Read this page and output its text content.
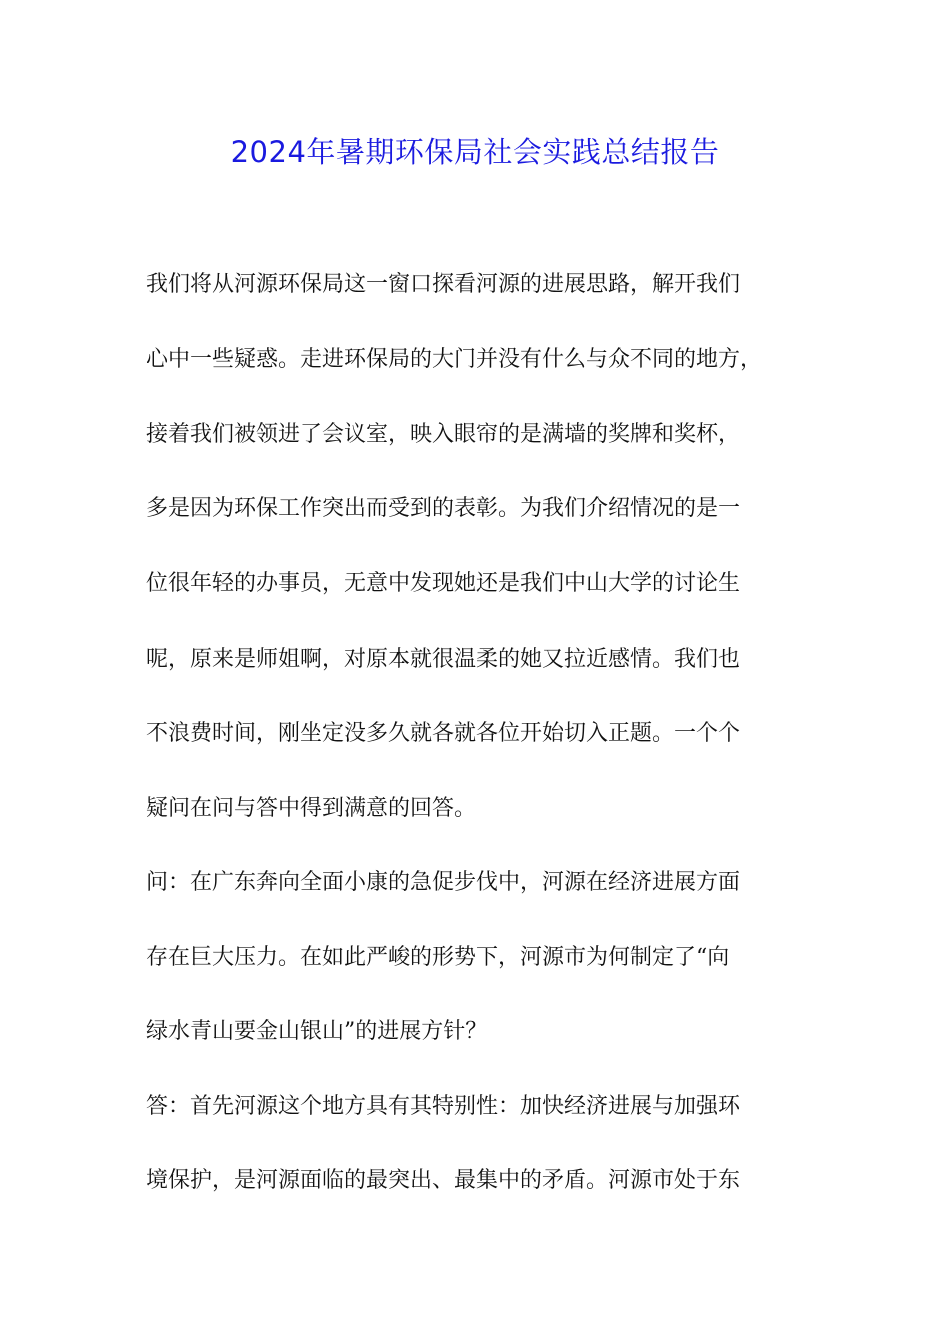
2024年暑期环保局社会实践总结报告
我们将从河源环保局这一窗口探看河源的进展思路，解开我们
心中一些疑惑。走进环保局的大门并没有什么与众不同的地方，
接着我们被领进了会议室，映入眼帘的是满墙的奖牌和奖杯，
多是因为环保工作突出而受到的表彰。为我们介绍情况的是一
位很年轻的办事员，无意中发现她还是我们中山大学的讨论生
呢，原来是师姐啊，对原本就很温柔的她又拉近感情。我们也
不浪费时间，刚坐定没多久就各就各位开始切入正题。一个个
疑问在问与答中得到满意的回答。
问：在广东奔向全面小康的急促步伐中，河源在经济进展方面
存在巨大压力。在如此严峻的形势下，河源市为何制定了“向
绿水青山要金山银山”的进展方针？
答：首先河源这个地方具有其特别性：加快经济进展与加强环
境保护，是河源面临的最突出、最集中的矛盾。河源市处于东
